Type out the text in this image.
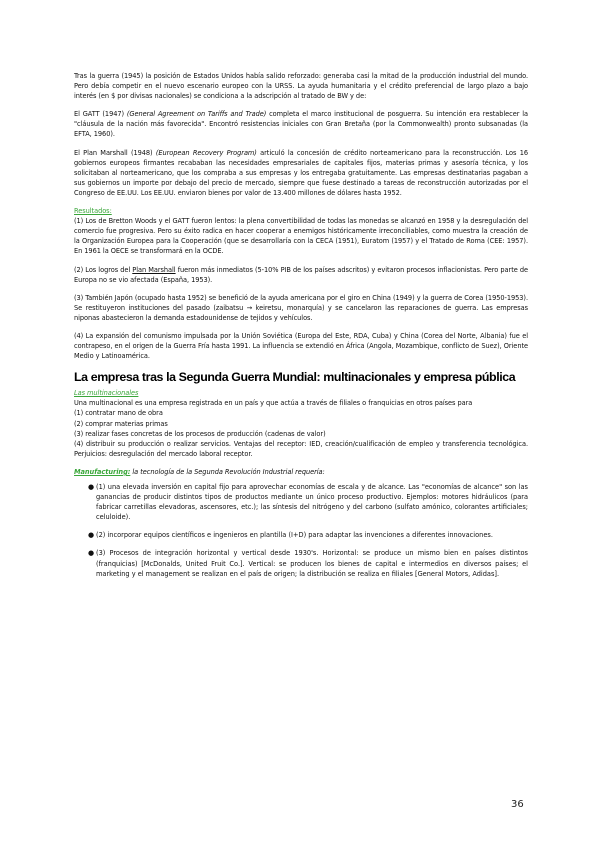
Tras la guerra (1945) la posición de Estados Unidos había salido reforzado: generaba casi la mitad de la producción industrial del mundo. Pero debía competir en el nuevo escenario europeo con la URSS. La ayuda humanitaria y el crédito preferencial de largo plazo a bajo interés (en $ por divisas nacionales) se condiciona a la adscripción al tratado de BW y de:

El GATT (1947) (General Agreement on Tariffs and Trade) completa el marco institucional de posguerra. Su intención era restablecer la "cláusula de la nación más favorecida". Encontró resistencias iniciales con Gran Bretaña (por la Commonwealth) pronto subsanadas (la EFTA, 1960).

El Plan Marshall (1948) (European Recovery Program) articuló la concesión de crédito norteamericano para la reconstrucción. Los 16 gobiernos europeos firmantes recababan las necesidades empresariales de capitales fijos, materias primas y asesoría técnica, y los solicitaban al norteamericano, que los compraba a sus empresas y los entregaba gratuitamente. Las empresas destinatarias pagaban a sus gobiernos un importe por debajo del precio de mercado, siempre que fuese destinado a tareas de reconstrucción autorizadas por el Congreso de EE.UU. Los EE.UU. enviaron bienes por valor de 13.400 millones de dólares hasta 1952.

Resultados:

(1) Los de Bretton Woods y el GATT fueron lentos: la plena convertibilidad de todas las monedas se alcanzó en 1958 y la desregulación del comercio fue progresiva. Pero su éxito radica en hacer cooperar a enemigos históricamente irreconciliables, como muestra la creación de la Organización Europea para la Cooperación (que se desarrollaría con la CECA (1951), Euratom (1957) y el Tratado de Roma (CEE: 1957). En 1961 la OECE se transformará en la OCDE.

(2) Los logros del Plan Marshall fueron más inmediatos (5-10% PIB de los países adscritos) y evitaron procesos inflacionistas. Pero parte de Europa no se vio afectada (España, 1953).

(3) También Japón (ocupado hasta 1952) se benefició de la ayuda americana por el giro en China (1949) y la guerra de Corea (1950-1953). Se restituyeron instituciones del pasado (zaibatsu → keiretsu, monarquía) y se cancelaron las reparaciones de guerra. Las empresas niponas abastecieron la demanda estadounidense de tejidos y vehículos.

(4) La expansión del comunismo impulsada por la Unión Soviética (Europa del Este, RDA, Cuba) y China (Corea del Norte, Albania) fue el contrapeso, en el origen de la Guerra Fría hasta 1991. La influencia se extendió en África (Angola, Mozambique, conflicto de Suez), Oriente Medio y Latinoamérica.

La empresa tras la Segunda Guerra Mundial: multinacionales y empresa pública

Las multinacionales

Una multinacional es una empresa registrada en un país y que actúa a través de filiales o franquicias en otros países para

(1) contratar mano de obra

(2) comprar materias primas

(3) realizar fases concretas de los procesos de producción (cadenas de valor)

(4) distribuir su producción o realizar servicios. Ventajas del receptor: IED, creación/cualificación de empleo y transferencia tecnológica. Perjuicios: desregulación del mercado laboral receptor.

Manufacturing: la tecnología de la Segunda Revolución Industrial requería:

● (1) una elevada inversión en capital fijo para aprovechar economías de escala y de alcance. Las "economías de alcance" son las ganancias de producir distintos tipos de productos mediante un único proceso productivo. Ejemplos: motores hidráulicos (para fabricar carretillas elevadoras, ascensores, etc.); las síntesis del nitrógeno y del carbono (sulfato amónico, colorantes artificiales; celuloide).
● (2) incorporar equipos científicos e ingenieros en plantilla (I+D) para adaptar las invenciones a diferentes innovaciones.
● (3) Procesos de integración horizontal y vertical desde 1930's. Horizontal: se produce un mismo bien en países distintos (franquicias) [McDonalds, United Fruit Co.]. Vertical: se producen los bienes de capital e intermedios en diversos países; el marketing y el management se realizan en el país de origen; la distribución se realiza en filiales [General Motors, Adidas].
36
